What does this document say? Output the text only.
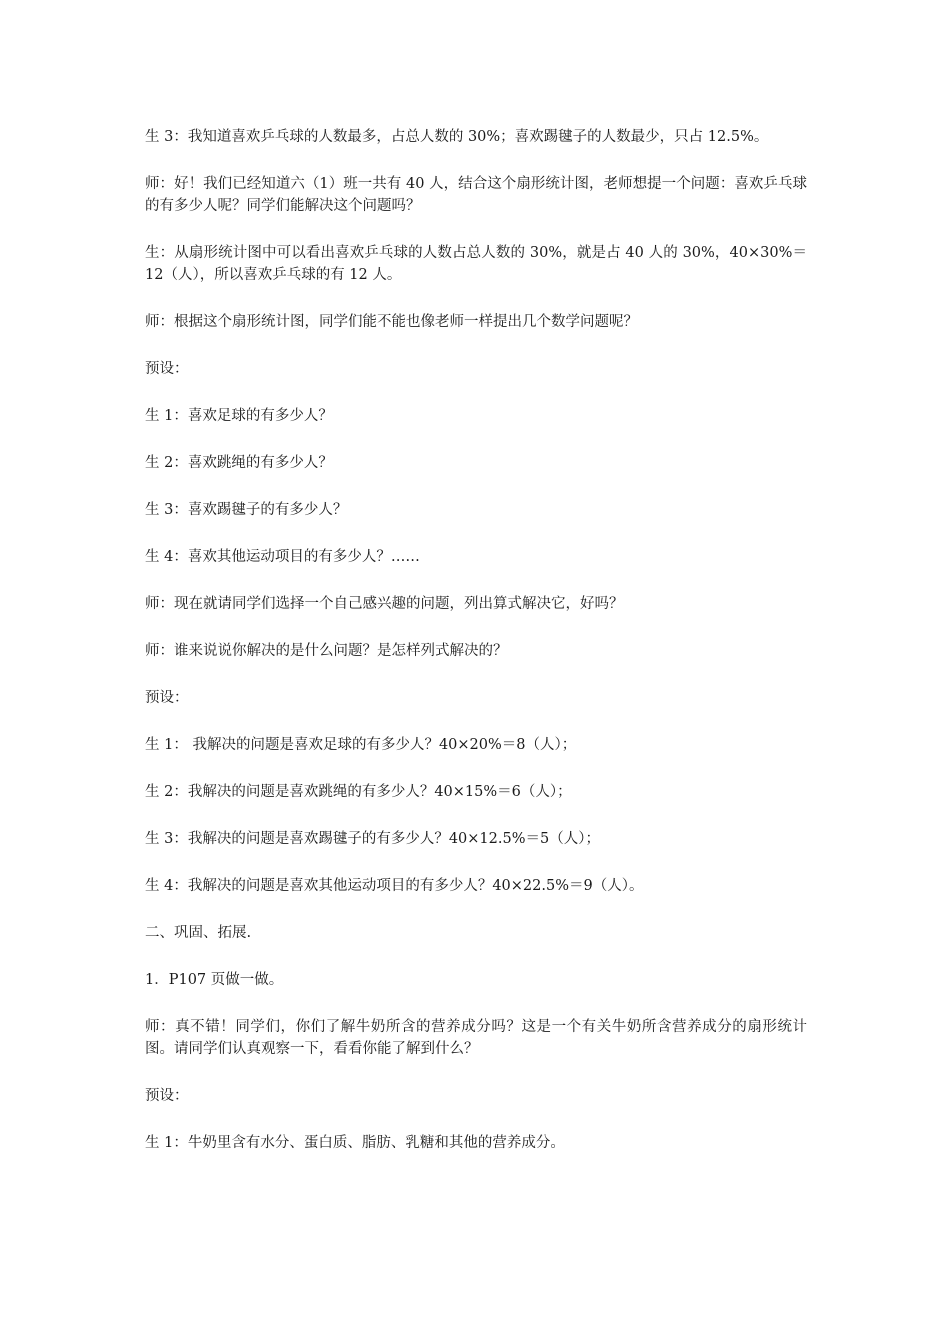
生 3：我知道喜欢乒乓球的人数最多，占总人数的 30%；喜欢踢毽子的人数最少，只占 12.5%。

师：好！我们已经知道六（1）班一共有 40 人，结合这个扇形统计图，老师想提一个问题：喜欢乒乓球的有多少人呢？同学们能解决这个问题吗？

生：从扇形统计图中可以看出喜欢乒乓球的人数占总人数的 30%，就是占 40 人的 30%，40×30%＝12（人），所以喜欢乒乓球的有 12 人。

师：根据这个扇形统计图，同学们能不能也像老师一样提出几个数学问题呢？

预设：

生 1：喜欢足球的有多少人？

生 2：喜欢跳绳的有多少人？

生 3：喜欢踢毽子的有多少人？

生 4：喜欢其他运动项目的有多少人？……

师：现在就请同学们选择一个自己感兴趣的问题，列出算式解决它，好吗？

师：谁来说说你解决的是什么问题？是怎样列式解决的？

预设：

生 1： 我解决的问题是喜欢足球的有多少人？40×20%＝8（人）；

生 2：我解决的问题是喜欢跳绳的有多少人？40×15%＝6（人）；

生 3：我解决的问题是喜欢踢毽子的有多少人？40×12.5%＝5（人）；

生 4：我解决的问题是喜欢其他运动项目的有多少人？40×22.5%＝9（人）。

二、巩固、拓展.

1．P107 页做一做。

师：真不错！同学们，你们了解牛奶所含的营养成分吗？这是一个有关牛奶所含营养成分的扇形统计图。请同学们认真观察一下，看看你能了解到什么？

预设：

生 1：牛奶里含有水分、蛋白质、脂肪、乳糖和其他的营养成分。
